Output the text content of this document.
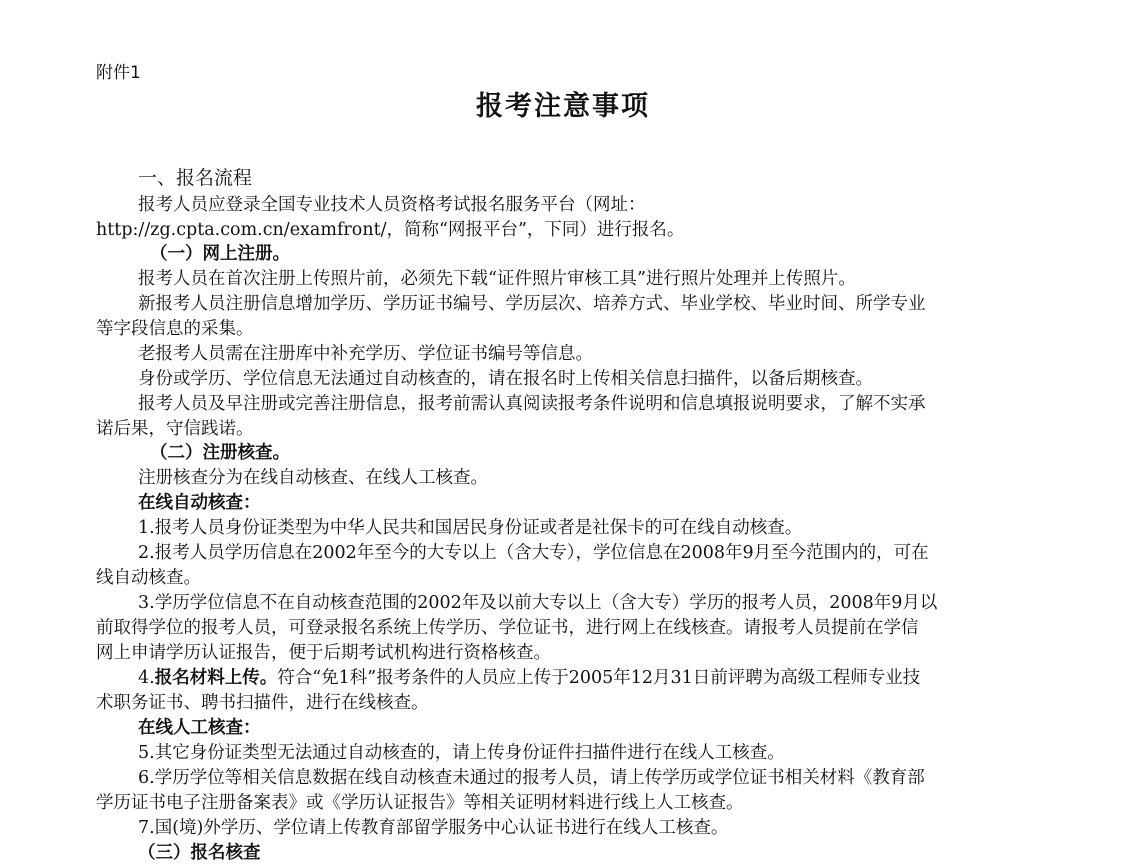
附件1
报考注意事项
一、报名流程
报考人员应登录全国专业技术人员资格考试报名服务平台（网址：
http://zg.cpta.com.cn/examfront/，简称“网报平台”，下同）进行报名。
（一）网上注册。
报考人员在首次注册上传照片前，必须先下载“证件照片审核工具”进行照片处理并上传照片。
新报考人员注册信息增加学历、学历证书编号、学历层次、培养方式、毕业学校、毕业时间、所学专业
等字段信息的采集。
老报考人员需在注册库中补充学历、学位证书编号等信息。
身份或学历、学位信息无法通过自动核查的，请在报名时上传相关信息扫描件，以备后期核查。
报考人员及早注册或完善注册信息，报考前需认真阅读报考条件说明和信息填报说明要求，了解不实承
诺后果，守信践诺。
（二）注册核查。
注册核查分为在线自动核查、在线人工核查。
在线自动核查：
1.报考人员身份证类型为中华人民共和国居民身份证或者是社保卡的可在线自动核查。
2.报考人员学历信息在2002年至今的大专以上（含大专），学位信息在2008年9月至今范围内的，可在
线自动核查。
3.学历学位信息不在自动核查范围的2002年及以前大专以上（含大专）学历的报考人员，2008年9月以
前取得学位的报考人员，可登录报名系统上传学历、学位证书，进行网上在线核查。请报考人员提前在学信
网上申请学历认证报告，便于后期考试机构进行资格核查。
4.报名材料上传。符合“免1科”报考条件的人员应上传于2005年12月31日前评聘为高级工程师专业技
术职务证书、聘书扫描件，进行在线核查。
在线人工核查：
5.其它身份证类型无法通过自动核查的，请上传身份证件扫描件进行在线人工核查。
6.学历学位等相关信息数据在线自动核查未通过的报考人员，请上传学历或学位证书相关材料《教育部
学历证书电子注册备案表》或《学历认证报告》等相关证明材料进行线上人工核查。
7.国(境)外学历、学位请上传教育部留学服务中心认证书进行在线人工核查。
（三）报名核查
